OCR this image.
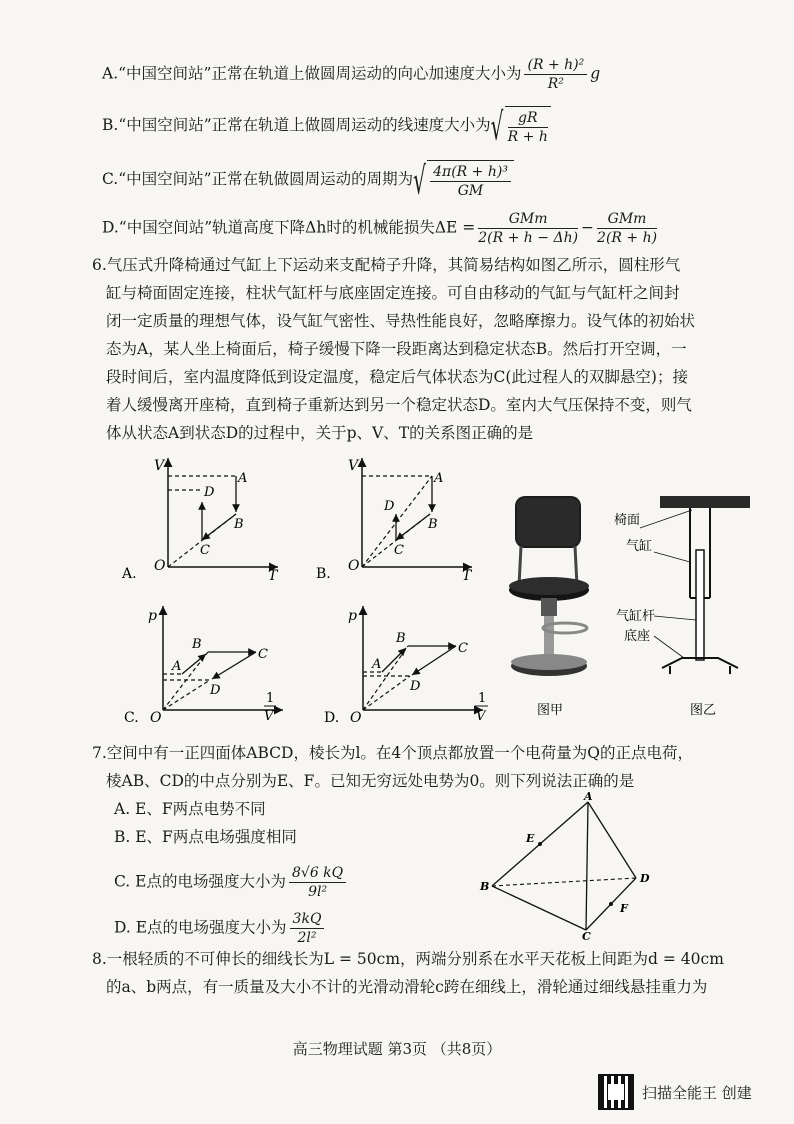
A.“中国空间站”正常在轨道上做圆周运动的向心加速度大小为 $\frac{\text{(R + h)²}}{\text{R²}}$ g
B.“中国空间站”正常在轨道上做圆周运动的线速度大小为 √ $\frac{gR}{R + h}$
C.“中国空间站”正常在轨做圆周运动的周期为 √ $\frac{\text{4π(R + h)³}}{GM}$
D.“中国空间站”轨道高度下降Δh时的机械能损失$\Delta E = \frac{\text{GMm}}{2(R + h - \Delta h)} - \frac{\text{GMm}}{2(R + h)}$
6.气压式升降椅通过气缸上下运动来支配椅子升降，其简易结构如图乙所示，圆柱形气
缸与椅面固定连接，柱状气缸杆与底座固定连接。可自由移动的气缸与气缸杆之间封
闭一定质量的理想气体，设气缸气密性、导热性能良好，忽略摩擦力。设气体的初始状
态为A，某人坐上椅面后，椅子缓慢下降一段距离达到稳定状态B。然后打开空调，一
段时间后，室内温度降低到设定温度，稳定后气体状态为C(此过程人的双脚悬空)；接
着人缓慢离开座椅，直到椅子重新达到另一个稳定状态D。室内大气压保持不变，则气
体从状态A到状态D的过程中，关于p、V、T的关系图正确的是
V
T
O
A
B
C
D
A.
V
T
O
A
B
C
D
B.
p
1
V
O
A
B
C
D
C.
p
1
V
O
A
B
C
D
D.	图甲
椅面
气缸
气缸杆
底座
图乙
7.空间中有一正四面体ABCD，棱长为l。在4个顶点都放置一个电荷量为Q的正点电荷，
棱AB、CD的中点分别为E、F。已知无穷远处电势为0。则下列说法正确的是
A. E、F两点电势不同
B. E、F两点电场强度相同
C. E点的电场强度大小为 $\frac{8√6 kQ}{\text{9l²}}$
D. E点的电场强度大小为 $\frac{3kQ}{\text{2l²}}$
A
B
C
D
E
F
8.一根轻质的不可伸长的细线长为L = 50cm，两端分别系在水平天花板上间距为d = 40cm
的a、b两点，有一质量及大小不计的光滑动滑轮c跨在细线上，滑轮通过细线悬挂重力为
高三物理试题 第3页 （共8页）
扫描全能王 创建
